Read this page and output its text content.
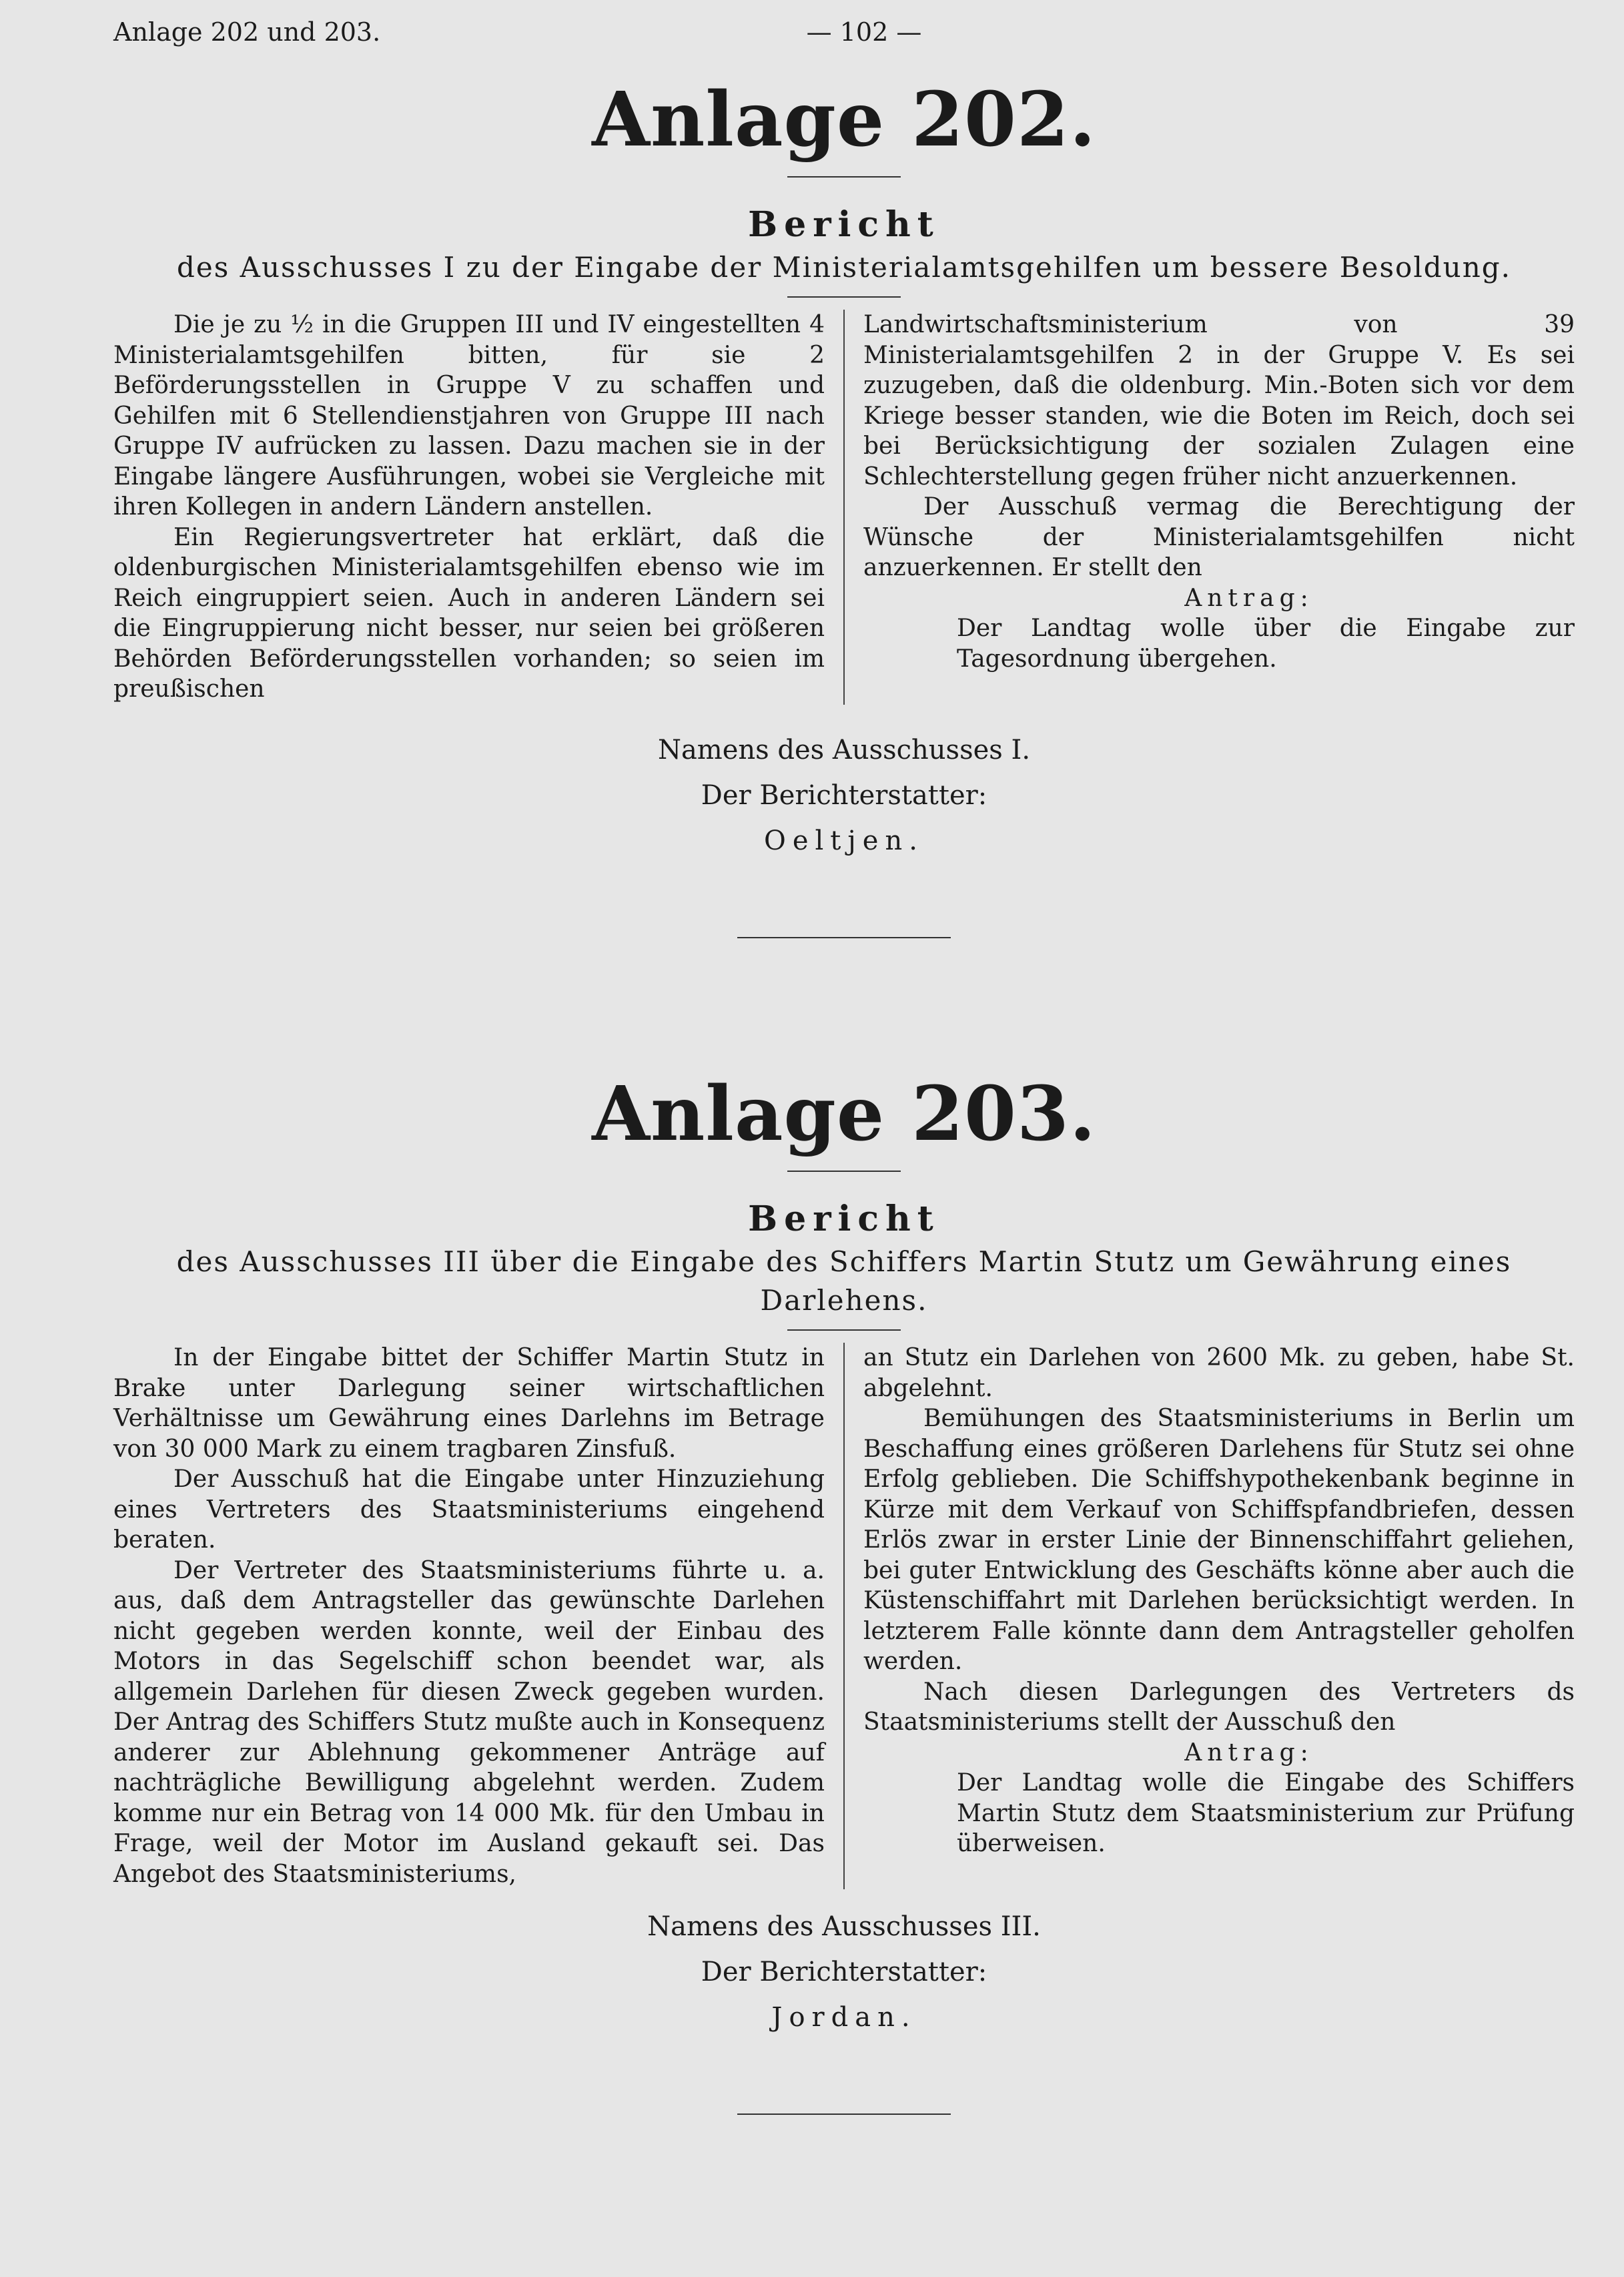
Anlage 202 und 203.	— 102 —
Anlage 202.
Bericht
des Ausschusses I zu der Eingabe der Ministerialamtsgehilfen um bessere Besoldung.

Die je zu ½ in die Gruppen III und IV eingestellten 4 Ministerialamtsgehilfen bitten, für sie 2 Beförderungsstellen in Gruppe V zu schaffen und Gehilfen mit 6 Stellendienstjahren von Gruppe III nach Gruppe IV aufrücken zu lassen. Dazu machen sie in der Eingabe längere Ausführungen, wobei sie Vergleiche mit ihren Kollegen in andern Ländern anstellen.

Ein Regierungsvertreter hat erklärt, daß die oldenburgischen Ministerialamtsgehilfen ebenso wie im Reich eingruppiert seien. Auch in anderen Ländern sei die Eingruppierung nicht besser, nur seien bei größeren Behörden Beförderungsstellen vorhanden; so seien im preußischen

Landwirtschaftsministerium von 39 Ministerialamtsgehilfen 2 in der Gruppe V. Es sei zuzugeben, daß die oldenburg. Min.-Boten sich vor dem Kriege besser standen, wie die Boten im Reich, doch sei bei Berücksichtigung der sozialen Zulagen eine Schlechterstellung gegen früher nicht anzuerkennen.

Der Ausschuß vermag die Berechtigung der Wünsche der Ministerialamtsgehilfen nicht anzuerkennen. Er stellt den

Antrag:

Der Landtag wolle über die Eingabe zur Tagesordnung übergehen.

Namens des Ausschusses I.
Der Berichterstatter:
Oeltjen.
Anlage 203.
Bericht
des Ausschusses III über die Eingabe des Schiffers Martin Stutz um Gewährung eines Darlehens.

In der Eingabe bittet der Schiffer Martin Stutz in Brake unter Darlegung seiner wirtschaftlichen Verhältnisse um Gewährung eines Darlehns im Betrage von 30 000 Mark zu einem tragbaren Zinsfuß.

Der Ausschuß hat die Eingabe unter Hinzuziehung eines Vertreters des Staatsministeriums eingehend beraten.

Der Vertreter des Staatsministeriums führte u. a. aus, daß dem Antragsteller das gewünschte Darlehen nicht gegeben werden konnte, weil der Einbau des Motors in das Segelschiff schon beendet war, als allgemein Darlehen für diesen Zweck gegeben wurden. Der Antrag des Schiffers Stutz mußte auch in Konsequenz anderer zur Ablehnung gekommener Anträge auf nachträgliche Bewilligung abgelehnt werden. Zudem komme nur ein Betrag von 14 000 Mk. für den Umbau in Frage, weil der Motor im Ausland gekauft sei. Das Angebot des Staatsministeriums,

an Stutz ein Darlehen von 2600 Mk. zu geben, habe St. abgelehnt.

Bemühungen des Staatsministeriums in Berlin um Beschaffung eines größeren Darlehens für Stutz sei ohne Erfolg geblieben. Die Schiffshypothekenbank beginne in Kürze mit dem Verkauf von Schiffspfandbriefen, dessen Erlös zwar in erster Linie der Binnenschiffahrt geliehen, bei guter Entwicklung des Geschäfts könne aber auch die Küstenschiffahrt mit Darlehen berücksichtigt werden. In letzterem Falle könnte dann dem Antragsteller geholfen werden.

Nach diesen Darlegungen des Vertreters ds Staatsministeriums stellt der Ausschuß den

Antrag:

Der Landtag wolle die Eingabe des Schiffers Martin Stutz dem Staatsministerium zur Prüfung überweisen.

Namens des Ausschusses III.
Der Berichterstatter:
Jordan.
